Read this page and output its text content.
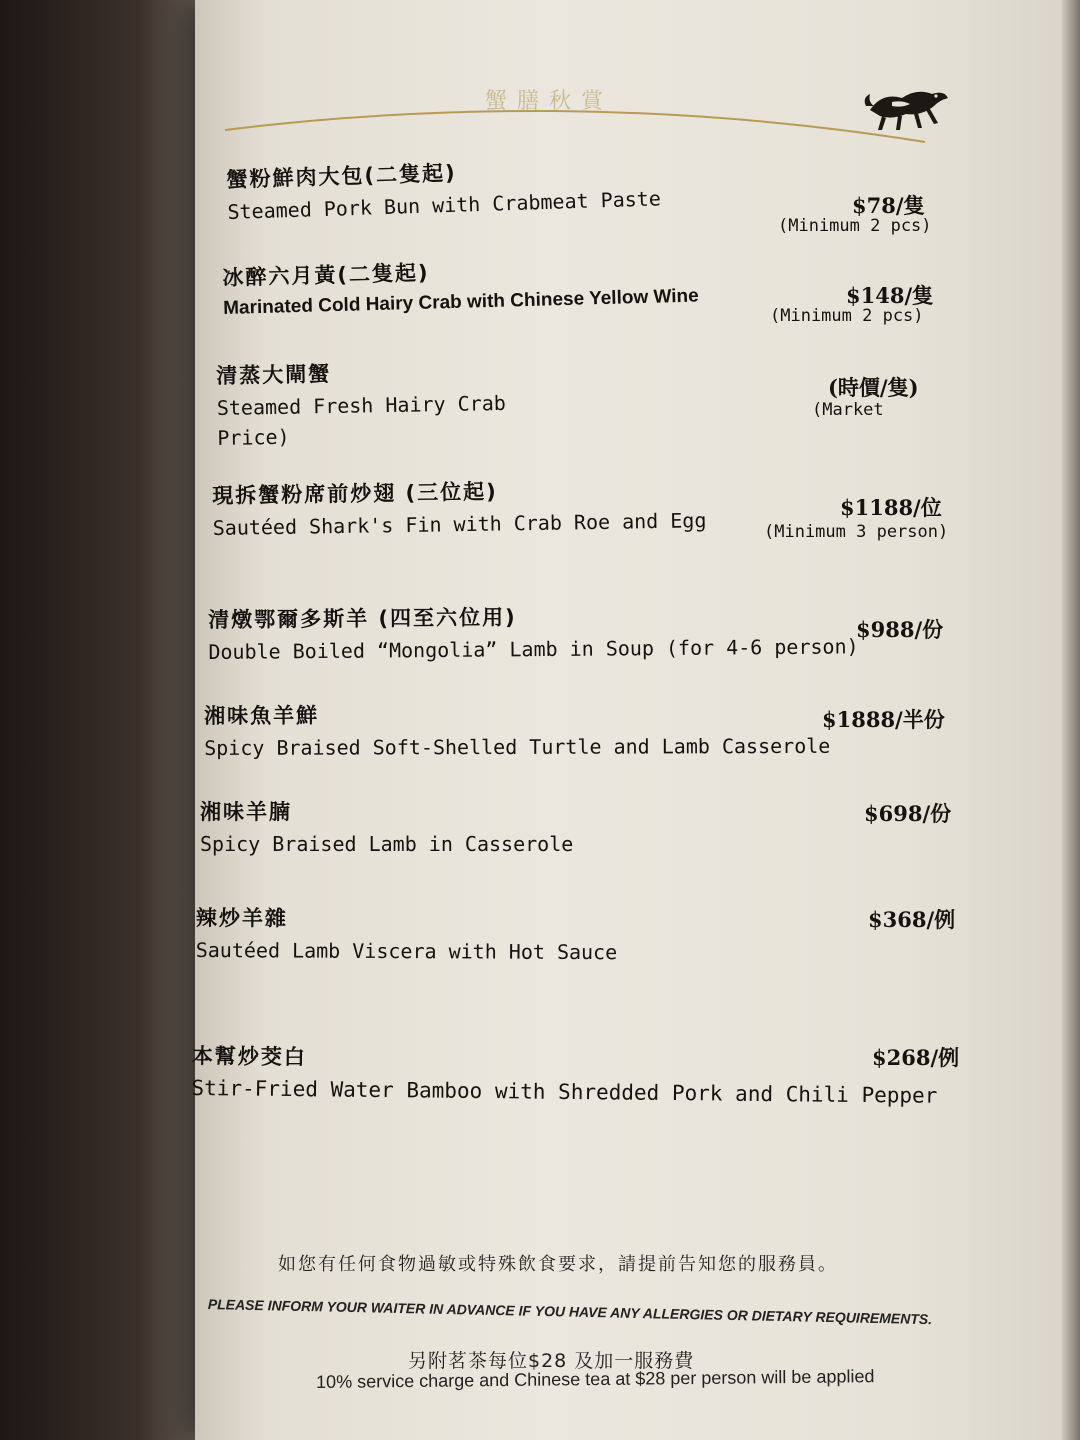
蟹膳秋賞
蟹粉鮮肉大包(二隻起)
Steamed Pork Bun with Crabmeat Paste	$78/隻
(Minimum 2 pcs)
冰醉六月黃(二隻起)
Marinated Cold Hairy Crab with Chinese Yellow Wine	$148/隻
(Minimum 2 pcs)
清蒸大閘蟹
Steamed Fresh Hairy Crab
Price)
(時價/隻)
(Market
現拆蟹粉席前炒翅 (三位起)
Sautéed Shark's Fin with Crab Roe and Egg
$1188/位
(Minimum 3 person)
清燉鄂爾多斯羊 (四至六位用)
Double Boiled “Mongolia” Lamb in Soup (for 4-6 person)
$988/份
湘味魚羊鮮
Spicy Braised Soft-Shelled Turtle and Lamb Casserole
$1888/半份
湘味羊腩
Spicy Braised Lamb in Casserole
$698/份
辣炒羊雜
Sautéed Lamb Viscera with Hot Sauce
$368/例
本幫炒茭白
Stir-Fried Water Bamboo with Shredded Pork and Chili Pepper
$268/例
如您有任何食物過敏或特殊飲食要求，請提前告知您的服務員。
PLEASE INFORM YOUR WAITER IN ADVANCE IF YOU HAVE ANY ALLERGIES OR DIETARY REQUIREMENTS.
另附茗茶每位$28 及加一服務費
10% service charge and Chinese tea at $28 per person will be applied
